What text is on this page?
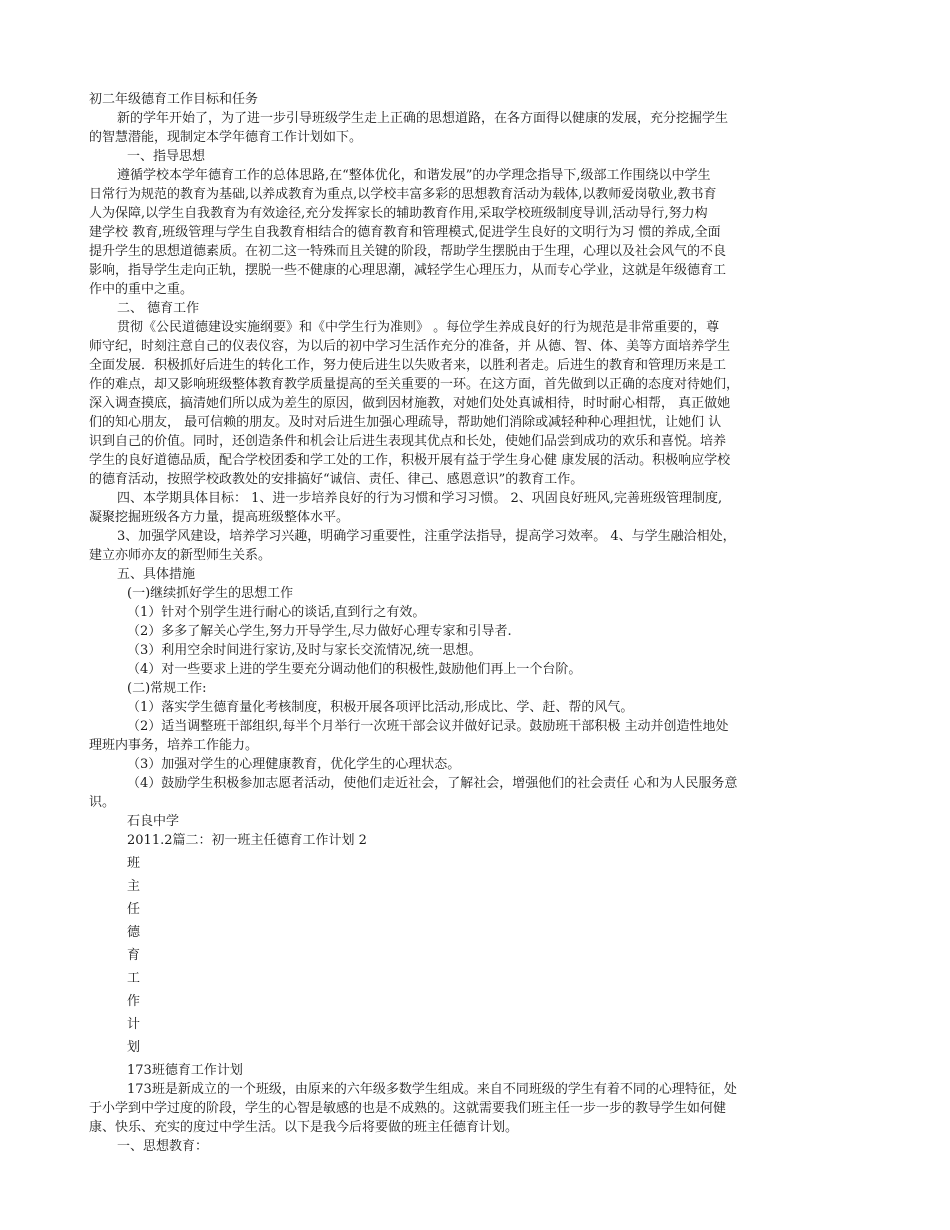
初二年级德育工作目标和任务
新的学年开始了，为了进一步引导班级学生走上正确的思想道路，在各方面得以健康的发展，充分挖掘学生
的智慧潜能，现制定本学年德育工作计划如下。
一、指导思想
遵循学校本学年德育工作的总体思路,在“整体优化，和谐发展”的办学理念指导下,级部工作围绕以中学生
日常行为规范的教育为基础,以养成教育为重点,以学校丰富多彩的思想教育活动为载体,以教师爱岗敬业,教书育
人为保障,以学生自我教育为有效途径,充分发挥家长的辅助教育作用,采取学校班级制度导训,活动导行,努力构
建学校 教育,班级管理与学生自我教育相结合的德育教育和管理模式,促进学生良好的文明行为习 惯的养成,全面
提升学生的思想道德素质。在初二这一特殊而且关键的阶段，帮助学生摆脱由于生理，心理以及社会风气的不良
影响，指导学生走向正轨，摆脱一些不健康的心理思潮，减轻学生心理压力，从而专心学业，这就是年级德育工
作中的重中之重。
二、 德育工作
贯彻《公民道德建设实施纲要》和《中学生行为准则》 。每位学生养成良好的行为规范是非常重要的，尊
师守纪，时刻注意自己的仪表仪容，为以后的初中学习生活作充分的准备，并 从德、智、体、美等方面培养学生
全面发展．积极抓好后进生的转化工作，努力使后进生以失败者来，以胜利者走。后进生的教育和管理历来是工
作的难点，却又影响班级整体教育教学质量提高的至关重要的一环。在这方面，首先做到以正确的态度对待她们，
深入调查摸底，搞清她们所以成为差生的原因，做到因材施教，对她们处处真诚相待，时时耐心相帮， 真正做她
们的知心朋友， 最可信赖的朋友。及时对后进生加强心理疏导，帮助她们消除或减轻种种心理担忧，让她们 认
识到自己的价值。同时，还创造条件和机会让后进生表现其优点和长处，使她们品尝到成功的欢乐和喜悦。培养
学生的良好道德品质，配合学校团委和学工处的工作，积极开展有益于学生身心健 康发展的活动。积极响应学校
的德育活动，按照学校政教处的安排搞好“诚信、责任、律己、感恩意识”的教育工作。
四、本学期具体目标： 1、进一步培养良好的行为习惯和学习习惯。 2、巩固良好班风,完善班级管理制度,
凝聚挖掘班级各方力量，提高班级整体水平。
3、加强学风建设，培养学习兴趣，明确学习重要性，注重学法指导，提高学习效率。 4、与学生融洽相处，
建立亦师亦友的新型师生关系。
五、具体措施
(一)继续抓好学生的思想工作
（1）针对个别学生进行耐心的谈话,直到行之有效。
（2）多多了解关心学生,努力开导学生,尽力做好心理专家和引导者.
（3）利用空余时间进行家访,及时与家长交流情况,统一思想。
（4）对一些要求上进的学生要充分调动他们的积极性,鼓励他们再上一个台阶。
(二)常规工作:
（1）落实学生德育量化考核制度，积极开展各项评比活动,形成比、学、赶、帮的风气。
（2）适当调整班干部组织,每半个月举行一次班干部会议并做好记录。鼓励班干部积极 主动并创造性地处
理班内事务，培养工作能力。
（3）加强对学生的心理健康教育，优化学生的心理状态。
（4）鼓励学生积极参加志愿者活动，使他们走近社会，了解社会，增强他们的社会责任 心和为人民服务意
识。
石良中学
2011.2篇二：初一班主任德育工作计划 2
班
主
任
德
育
工
作
计
划
173班德育工作计划
173班是新成立的一个班级，由原来的六年级多数学生组成。来自不同班级的学生有着不同的心理特征，处
于小学到中学过度的阶段，学生的心智是敏感的也是不成熟的。这就需要我们班主任一步一步的教导学生如何健
康、快乐、充实的度过中学生活。以下是我今后将要做的班主任德育计划。
一、思想教育：
